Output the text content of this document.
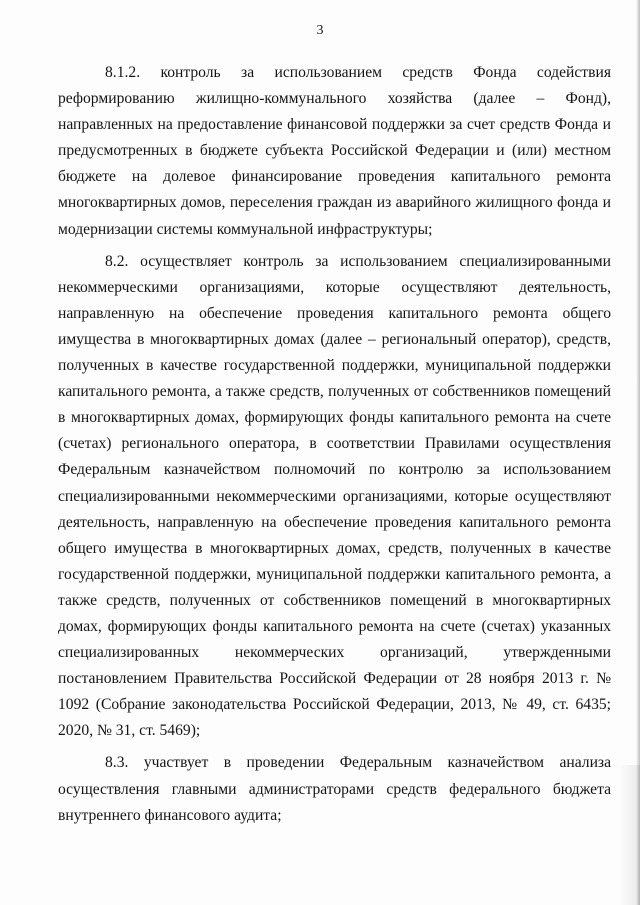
3

8.1.2. контроль за использованием средств Фонда содействия реформированию жилищно-коммунального хозяйства (далее – Фонд), направленных на предоставление финансовой поддержки за счет средств Фонда и предусмотренных в бюджете субъекта Российской Федерации и (или) местном бюджете на долевое финансирование проведения капитального ремонта многоквартирных домов, переселения граждан из аварийного жилищного фонда и модернизации системы коммунальной инфраструктуры;

8.2. осуществляет контроль за использованием специализированными некоммерческими организациями, которые осуществляют деятельность, направленную на обеспечение проведения капитального ремонта общего имущества в многоквартирных домах (далее – региональный оператор), средств, полученных в качестве государственной поддержки, муниципальной поддержки капитального ремонта, а также средств, полученных от собственников помещений в многоквартирных домах, формирующих фонды капитального ремонта на счете (счетах) регионального оператора, в соответствии Правилами осуществления Федеральным казначейством полномочий по контролю за использованием специализированными некоммерческими организациями, которые осуществляют деятельность, направленную на обеспечение проведения капитального ремонта общего имущества в многоквартирных домах, средств, полученных в качестве государственной поддержки, муниципальной поддержки капитального ремонта, а также средств, полученных от собственников помещений в многоквартирных домах, формирующих фонды капитального ремонта на счете (счетах) указанных специализированных некоммерческих организаций, утвержденными постановлением Правительства Российской Федерации от 28 ноября 2013 г. № 1092 (Собрание законодательства Российской Федерации, 2013, № 49, ст. 6435; 2020, № 31, ст. 5469);

8.3. участвует в проведении Федеральным казначейством анализа осуществления главными администраторами средств федерального бюджета внутреннего финансового аудита;
